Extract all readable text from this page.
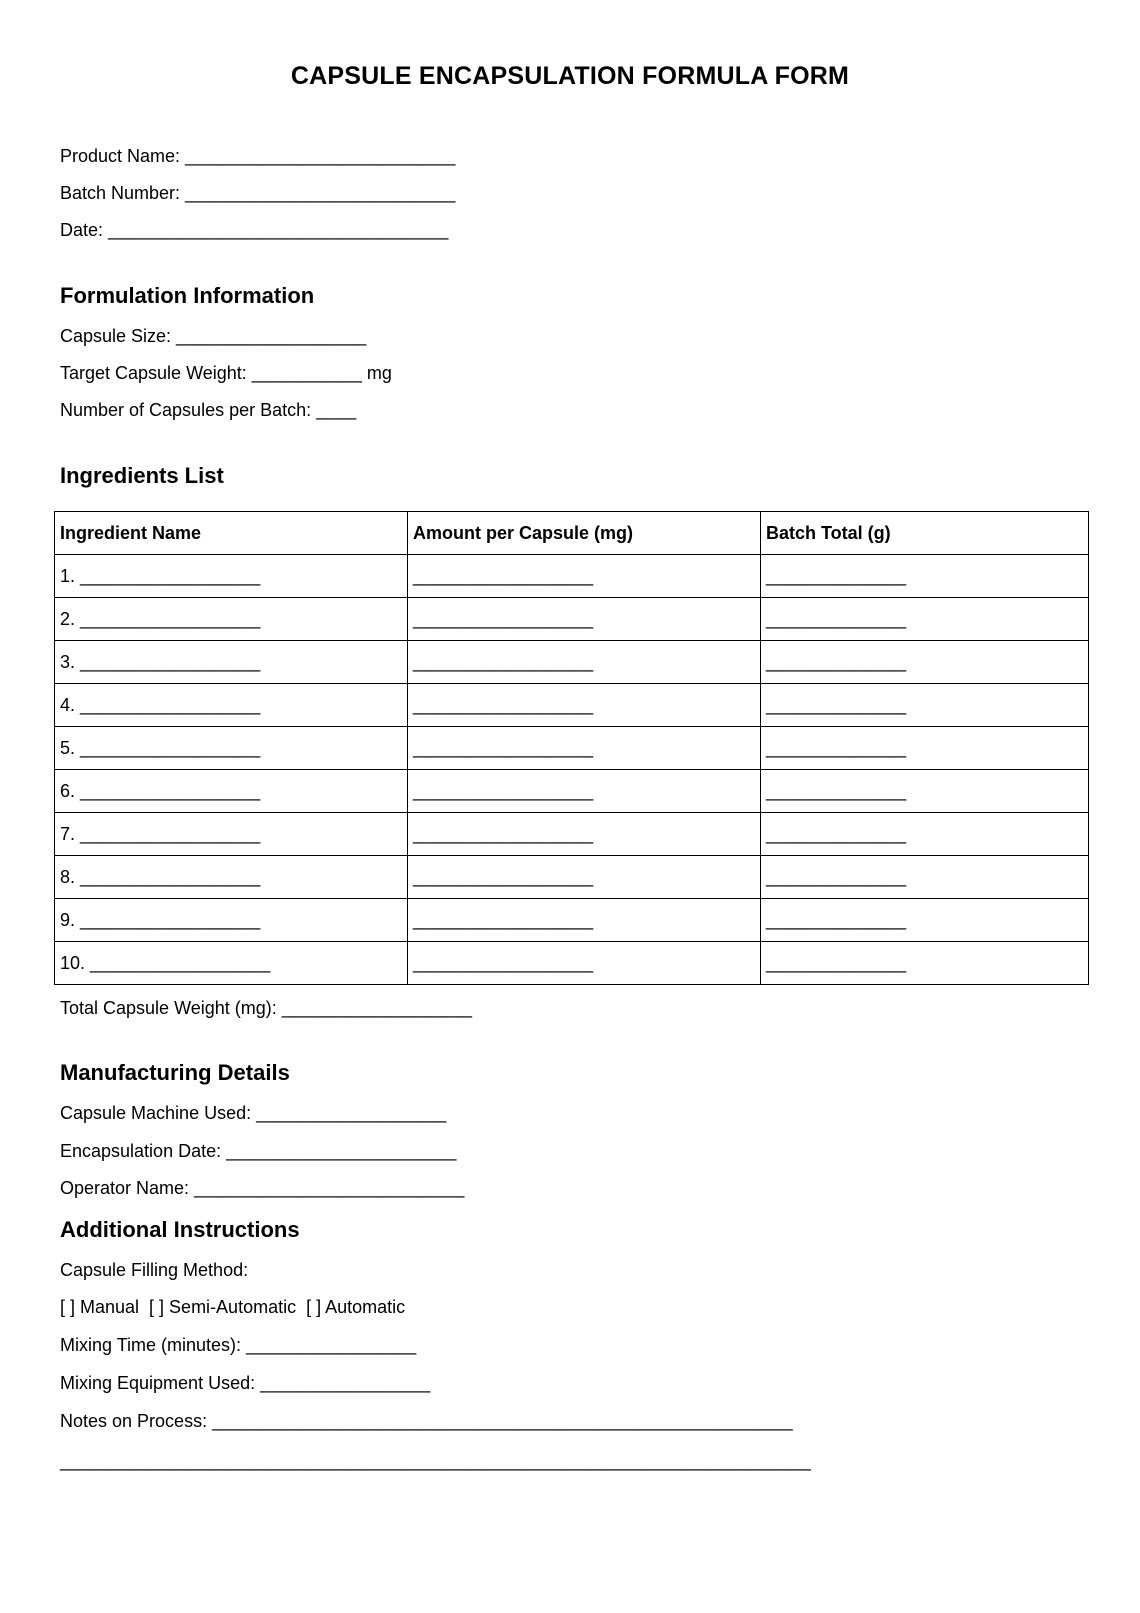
CAPSULE ENCAPSULATION FORMULA FORM
Product Name: ___________________________
Batch Number: ___________________________
Date: __________________________________
Formulation Information
Capsule Size: ___________________
Target Capsule Weight: ___________ mg
Number of Capsules per Batch: ____
Ingredients List
Ingredient Name	Amount per Capsule (mg)	Batch Total (g)
1. __________________	__________________	______________
2. __________________	__________________	______________
3. __________________	__________________	______________
4. __________________	__________________	______________
5. __________________	__________________	______________
6. __________________	__________________	______________
7. __________________	__________________	______________
8. __________________	__________________	______________
9. __________________	__________________	______________
10. __________________	__________________	______________
Total Capsule Weight (mg): ___________________
Manufacturing Details
Capsule Machine Used: ___________________
Encapsulation Date: _______________________
Operator Name: ___________________________
Additional Instructions
Capsule Filling Method:
[ ] Manual  [ ] Semi-Automatic  [ ] Automatic
Mixing Time (minutes): _________________
Mixing Equipment Used: _________________
Notes on Process: __________________________________________________________
___________________________________________________________________________
